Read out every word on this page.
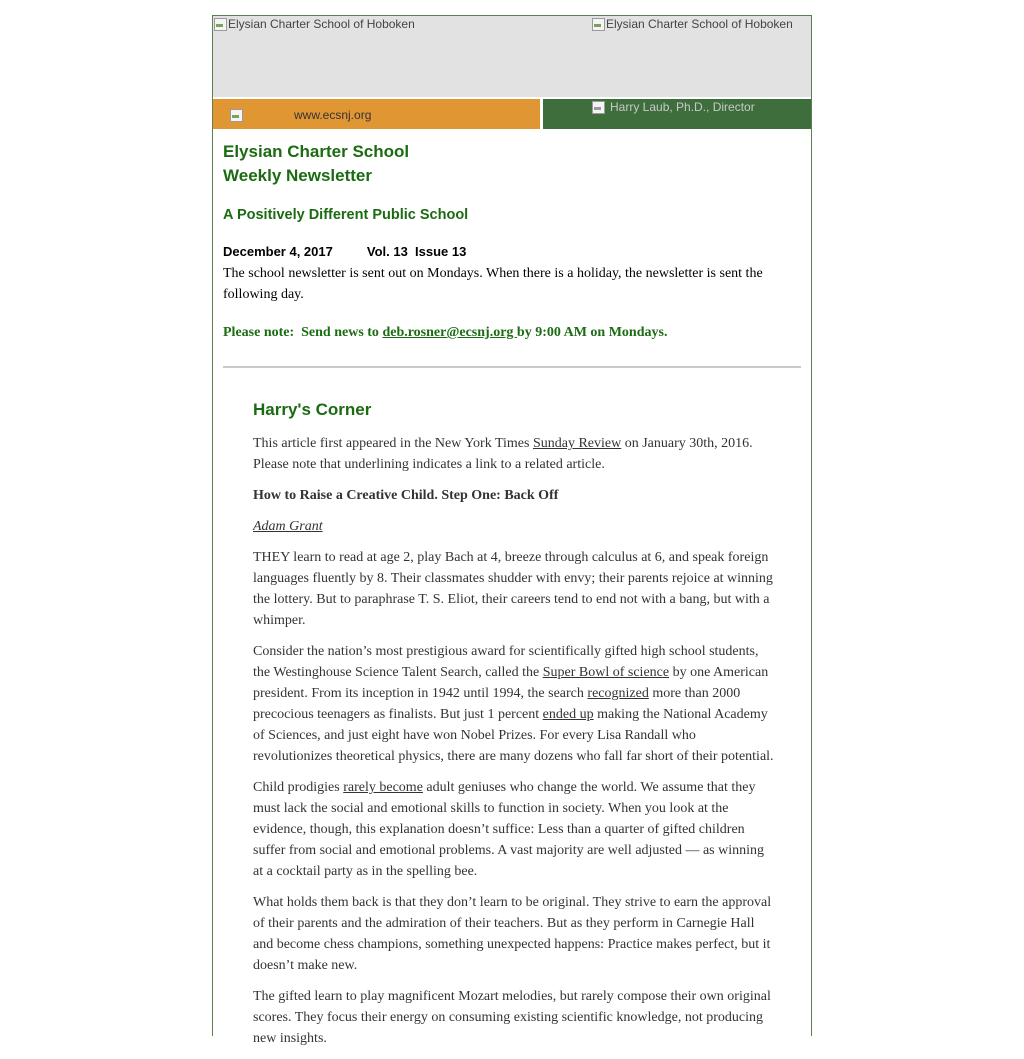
Elysian Charter School of Hoboken	Elysian Charter School of Hoboken
www.ecsnj.org
Harry Laub, Ph.D., Director
Elysian Charter School
Weekly Newsletter

A Positively Different Public School

December 4, 2017	Vol. 13  Issue 13

The school newsletter is sent out on Mondays. When there is a holiday, the newsletter is sent the following day.

Please note:  Send news to deb.rosner@ecsnj.org by 9:00 AM on Mondays.

Harry's Corner

This article first appeared in the New York Times Sunday Review on January 30th, 2016. Please note that underlining indicates a link to a related article.

How to Raise a Creative Child. Step One: Back Off

Adam Grant

THEY learn to read at age 2, play Bach at 4, breeze through calculus at 6, and speak foreign languages fluently by 8. Their classmates shudder with envy; their parents rejoice at winning the lottery. But to paraphrase T. S. Eliot, their careers tend to end not with a bang, but with a whimper.

Consider the nation’s most prestigious award for scientifically gifted high school students, the Westinghouse Science Talent Search, called the Super Bowl of science by one American president. From its inception in 1942 until 1994, the search recognized more than 2000 precocious teenagers as finalists. But just 1 percent ended up making the National Academy of Sciences, and just eight have won Nobel Prizes. For every Lisa Randall who revolutionizes theoretical physics, there are many dozens who fall far short of their potential.

Child prodigies rarely become adult geniuses who change the world. We assume that they must lack the social and emotional skills to function in society. When you look at the evidence, though, this explanation doesn’t suffice: Less than a quarter of gifted children suffer from social and emotional problems. A vast majority are well adjusted — as winning at a cocktail party as in the spelling bee.

What holds them back is that they don’t learn to be original. They strive to earn the approval of their parents and the admiration of their teachers. But as they perform in Carnegie Hall and become chess champions, something unexpected happens: Practice makes perfect, but it doesn’t make new.

The gifted learn to play magnificent Mozart melodies, but rarely compose their own original scores. They focus their energy on consuming existing scientific knowledge, not producing new insights.
